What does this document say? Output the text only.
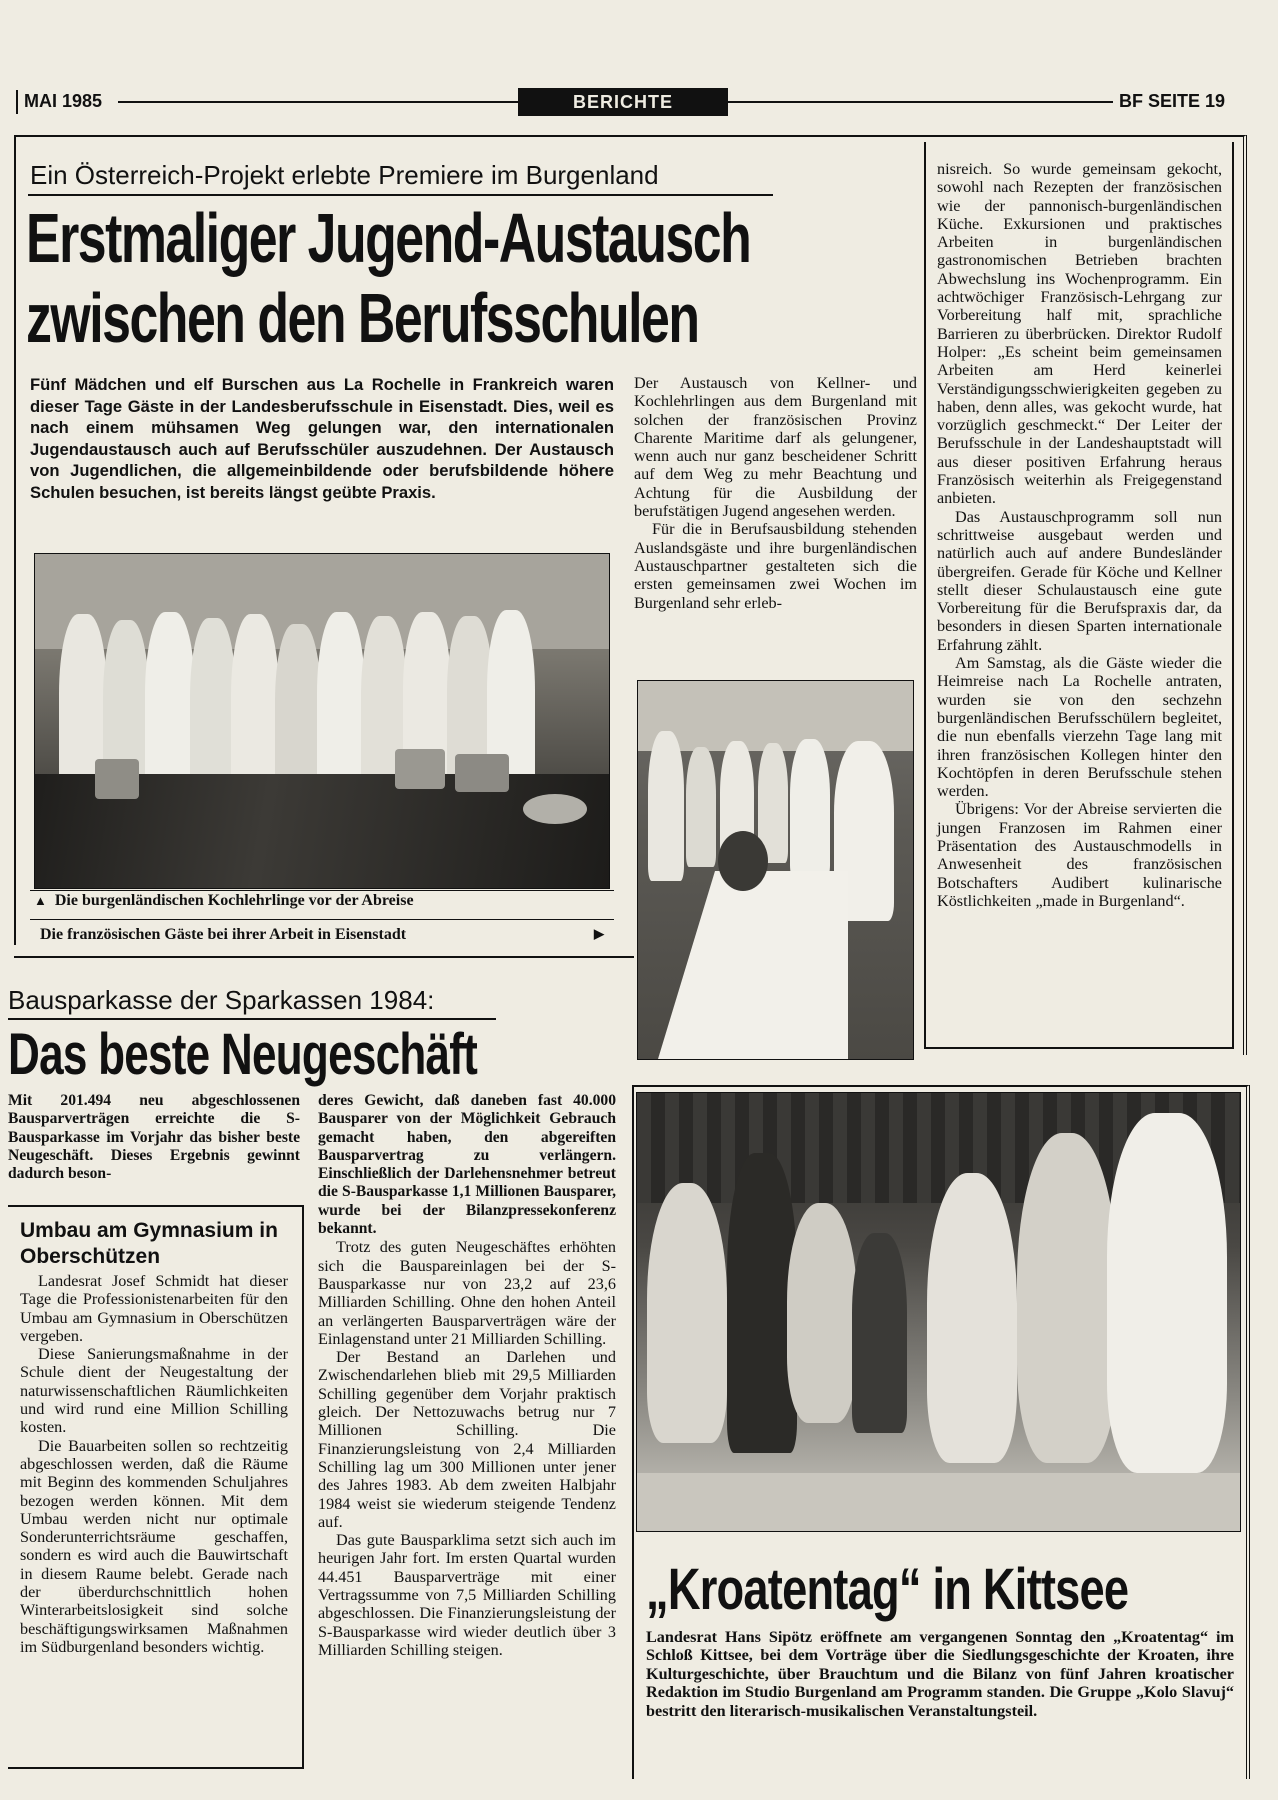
MAI 1985	BERICHTE	BF SEITE 19
Ein Österreich-Projekt erlebte Premiere im Burgenland
Erstmaliger Jugend-Austausch
zwischen den Berufsschulen
Fünf Mädchen und elf Burschen aus La Rochelle in Frankreich waren dieser Tage Gäste in der Landesberufsschule in Eisenstadt. Dies, weil es nach einem mühsamen Weg gelungen war, den internationalen Jugendaustausch auch auf Berufsschüler auszudehnen. Der Austausch von Jugendlichen, die allgemeinbildende oder berufsbildende höhere Schulen besuchen, ist bereits längst geübte Praxis.

Der Austausch von Kellner- und Kochlehrlingen aus dem Burgenland mit solchen der französischen Provinz Charente Maritime darf als gelungener, wenn auch nur ganz bescheidener Schritt auf dem Weg zu mehr Beachtung und Achtung für die Ausbildung der berufstätigen Jugend angesehen werden.

Für die in Berufsausbildung stehenden Auslandsgäste und ihre burgenländischen Austauschpartner gestalteten sich die ersten gemeinsamen zwei Wochen im Burgenland sehr erleb-

nisreich. So wurde gemeinsam gekocht, sowohl nach Rezepten der französischen wie der pannonisch-burgenländischen Küche. Exkursionen und praktisches Arbeiten in burgenländischen gastronomischen Betrieben brachten Abwechslung ins Wochenprogramm. Ein achtwöchiger Französisch-Lehrgang zur Vorbereitung half mit, sprachliche Barrieren zu überbrücken. Direktor Rudolf Holper: „Es scheint beim gemeinsamen Arbeiten am Herd keinerlei Verständigungsschwierigkeiten gegeben zu haben, denn alles, was gekocht wurde, hat vorzüglich geschmeckt.“ Der Leiter der Berufsschule in der Landeshauptstadt will aus dieser positiven Erfahrung heraus Französisch weiterhin als Freigegenstand anbieten.

Das Austauschprogramm soll nun schrittweise ausgebaut werden und natürlich auch auf andere Bundesländer übergreifen. Gerade für Köche und Kellner stellt dieser Schulaustausch eine gute Vorbereitung für die Berufspraxis dar, da besonders in diesen Sparten internationale Erfahrung zählt.

Am Samstag, als die Gäste wieder die Heimreise nach La Rochelle antraten, wurden sie von den sechzehn burgenländischen Berufsschülern begleitet, die nun ebenfalls vierzehn Tage lang mit ihren französischen Kollegen hinter den Kochtöpfen in deren Berufsschule stehen werden.

Übrigens: Vor der Abreise servierten die jungen Franzosen im Rahmen einer Präsentation des Austauschmodells in Anwesenheit des französischen Botschafters Audibert kulinarische Köstlichkeiten „made in Burgenland“.

▲ Die burgenländischen Kochlehrlinge vor der Abreise
Die französischen Gäste bei ihrer Arbeit in Eisenstadt	▶
Bausparkasse der Sparkassen 1984:
Das beste Neugeschäft

Mit 201.494 neu abgeschlossenen Bausparverträgen erreichte die S-Bausparkasse im Vorjahr das bisher beste Neugeschäft. Dieses Ergebnis gewinnt dadurch beson-

deres Gewicht, daß daneben fast 40.000 Bausparer von der Möglichkeit Gebrauch gemacht haben, den abgereiften Bausparvertrag zu verlängern. Einschließlich der Darlehensnehmer betreut die S-Bausparkasse 1,1 Millionen Bausparer, wurde bei der Bilanzpressekonferenz bekannt.

Trotz des guten Neugeschäftes erhöhten sich die Bauspareinlagen bei der S-Bausparkasse nur von 23,2 auf 23,6 Milliarden Schilling. Ohne den hohen Anteil an verlängerten Bausparverträgen wäre der Einlagenstand unter 21 Milliarden Schilling.

Der Bestand an Darlehen und Zwischendarlehen blieb mit 29,5 Milliarden Schilling gegenüber dem Vorjahr praktisch gleich. Der Nettozuwachs betrug nur 7 Millionen Schilling. Die Finanzierungsleistung von 2,4 Milliarden Schilling lag um 300 Millionen unter jener des Jahres 1983. Ab dem zweiten Halbjahr 1984 weist sie wiederum steigende Tendenz auf.

Das gute Bausparklima setzt sich auch im heurigen Jahr fort. Im ersten Quartal wurden 44.451 Bausparverträge mit einer Vertragssumme von 7,5 Milliarden Schilling abgeschlossen. Die Finanzierungsleistung der S-Bausparkasse wird wieder deutlich über 3 Milliarden Schilling steigen.

Umbau am Gymnasium in Oberschützen

Landesrat Josef Schmidt hat dieser Tage die Professionistenarbeiten für den Umbau am Gymnasium in Oberschützen vergeben.

Diese Sanierungsmaßnahme in der Schule dient der Neugestaltung der naturwissenschaftlichen Räumlichkeiten und wird rund eine Million Schilling kosten.

Die Bauarbeiten sollen so rechtzeitig abgeschlossen werden, daß die Räume mit Beginn des kommenden Schuljahres bezogen werden können. Mit dem Umbau werden nicht nur optimale Sonderunterrichtsräume geschaffen, sondern es wird auch die Bauwirtschaft in diesem Raume belebt. Gerade nach der überdurchschnittlich hohen Winterarbeitslosigkeit sind solche beschäftigungswirksamen Maßnahmen im Südburgenland besonders wichtig.

„Kroatentag“ in Kittsee
Landesrat Hans Sipötz eröffnete am vergangenen Sonntag den „Kroatentag“ im Schloß Kittsee, bei dem Vorträge über die Siedlungsgeschichte der Kroaten, ihre Kulturgeschichte, über Brauchtum und die Bilanz von fünf Jahren kroatischer Redaktion im Studio Burgenland am Programm standen. Die Gruppe „Kolo Slavuj“ bestritt den literarisch-musikalischen Veranstaltungsteil.
